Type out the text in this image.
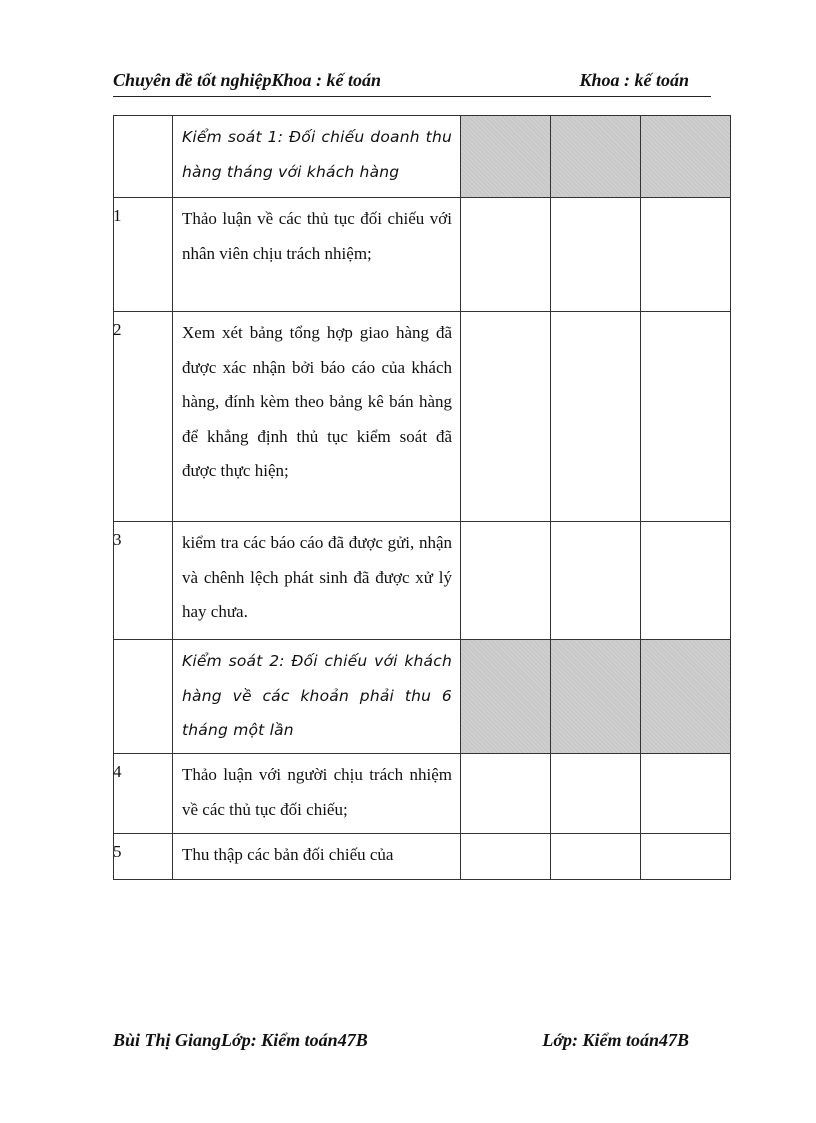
Chuyên đề tốt nghiệpKhoa : kế toán	Khoa : kế toán
	Kiểm soát 1: Đối chiếu doanh thu hàng tháng với khách hàng			

1	Thảo luận về các thủ tục đối chiếu với nhân viên chịu trách nhiệm;			

2	Xem xét bảng tổng hợp giao hàng đã được xác nhận bởi báo cáo của khách hàng, đính kèm theo bảng kê bán hàng để khẳng định thủ tục kiểm soát đã được thực hiện;			

3	kiểm tra các báo cáo đã được gửi, nhận và chênh lệch phát sinh đã được xử lý hay chưa.			

	Kiểm soát 2: Đối chiếu với khách hàng về các khoản phải thu 6 tháng một lần			

4	Thảo luận với người chịu trách nhiệm về các thủ tục đối chiếu;			

5	Thu thập các bản đối chiếu của			
Bùi Thị GiangLớp: Kiểm toán47B	Lớp: Kiểm toán47B
